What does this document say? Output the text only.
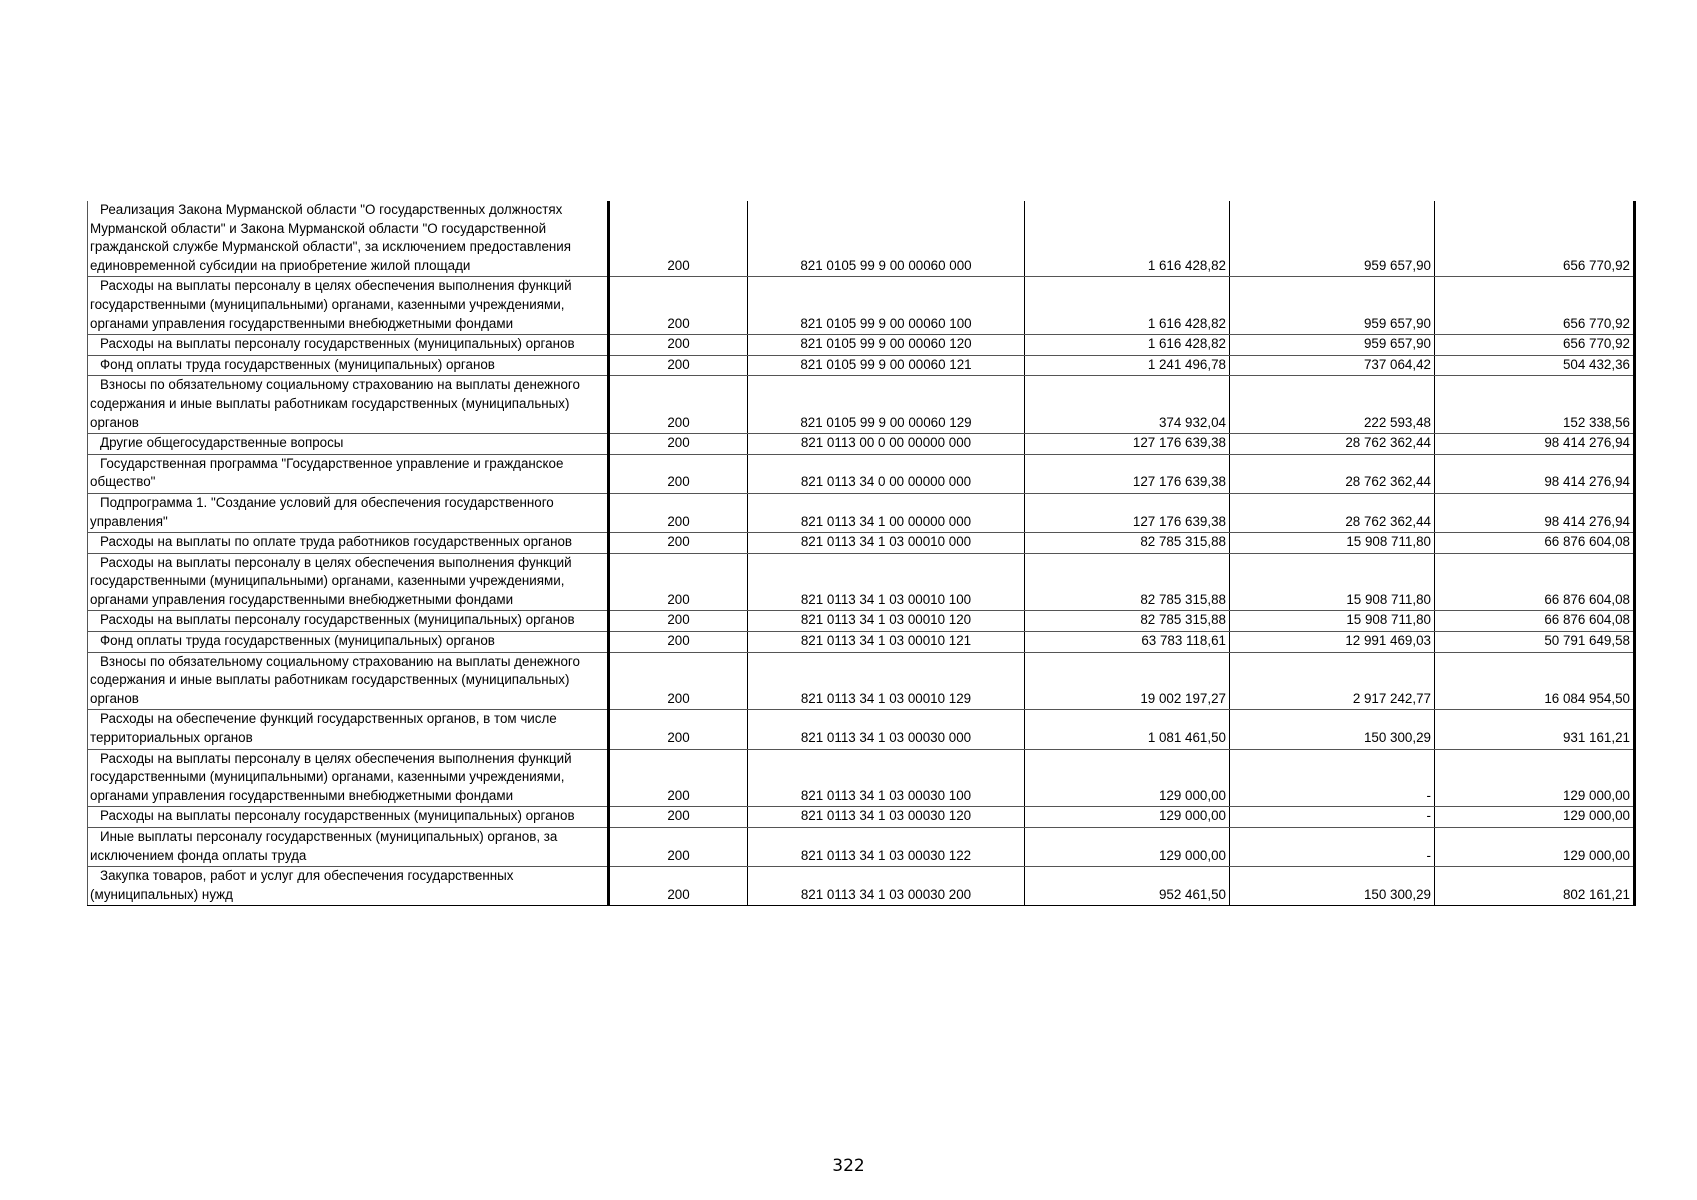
Реализация Закона Мурманской области "О государственных должностях Мурманской области" и Закона Мурманской области "О государственной гражданской службе Мурманской области", за исключением предоставления единовременной субсидии на приобретение жилой площади	200	821 0105 99 9 00 00060 000	1 616 428,82	959 657,90	656 770,92
Расходы на выплаты персоналу в целях обеспечения выполнения функций государственными (муниципальными) органами, казенными учреждениями, органами управления государственными внебюджетными фондами	200	821 0105 99 9 00 00060 100	1 616 428,82	959 657,90	656 770,92
Расходы на выплаты персоналу государственных (муниципальных) органов	200	821 0105 99 9 00 00060 120	1 616 428,82	959 657,90	656 770,92
Фонд оплаты труда государственных (муниципальных) органов	200	821 0105 99 9 00 00060 121	1 241 496,78	737 064,42	504 432,36
Взносы по обязательному социальному страхованию на выплаты денежного содержания и иные выплаты работникам государственных (муниципальных) органов	200	821 0105 99 9 00 00060 129	374 932,04	222 593,48	152 338,56
Другие общегосударственные вопросы	200	821 0113 00 0 00 00000 000	127 176 639,38	28 762 362,44	98 414 276,94
Государственная программа "Государственное управление и гражданское общество"	200	821 0113 34 0 00 00000 000	127 176 639,38	28 762 362,44	98 414 276,94
Подпрограмма 1. "Создание условий для обеспечения государственного управления"	200	821 0113 34 1 00 00000 000	127 176 639,38	28 762 362,44	98 414 276,94
Расходы на выплаты по оплате труда работников государственных органов	200	821 0113 34 1 03 00010 000	82 785 315,88	15 908 711,80	66 876 604,08
Расходы на выплаты персоналу в целях обеспечения выполнения функций государственными (муниципальными) органами, казенными учреждениями, органами управления государственными внебюджетными фондами	200	821 0113 34 1 03 00010 100	82 785 315,88	15 908 711,80	66 876 604,08
Расходы на выплаты персоналу государственных (муниципальных) органов	200	821 0113 34 1 03 00010 120	82 785 315,88	15 908 711,80	66 876 604,08
Фонд оплаты труда государственных (муниципальных) органов	200	821 0113 34 1 03 00010 121	63 783 118,61	12 991 469,03	50 791 649,58
Взносы по обязательному социальному страхованию на выплаты денежного содержания и иные выплаты работникам государственных (муниципальных) органов	200	821 0113 34 1 03 00010 129	19 002 197,27	2 917 242,77	16 084 954,50
Расходы на обеспечение функций государственных органов, в том числе территориальных органов	200	821 0113 34 1 03 00030 000	1 081 461,50	150 300,29	931 161,21
Расходы на выплаты персоналу в целях обеспечения выполнения функций государственными (муниципальными) органами, казенными учреждениями, органами управления государственными внебюджетными фондами	200	821 0113 34 1 03 00030 100	129 000,00	-	129 000,00
Расходы на выплаты персоналу государственных (муниципальных) органов	200	821 0113 34 1 03 00030 120	129 000,00	-	129 000,00
Иные выплаты персоналу государственных (муниципальных) органов, за исключением фонда оплаты труда	200	821 0113 34 1 03 00030 122	129 000,00	-	129 000,00
Закупка товаров, работ и услуг для обеспечения государственных (муниципальных) нужд	200	821 0113 34 1 03 00030 200	952 461,50	150 300,29	802 161,21
322
